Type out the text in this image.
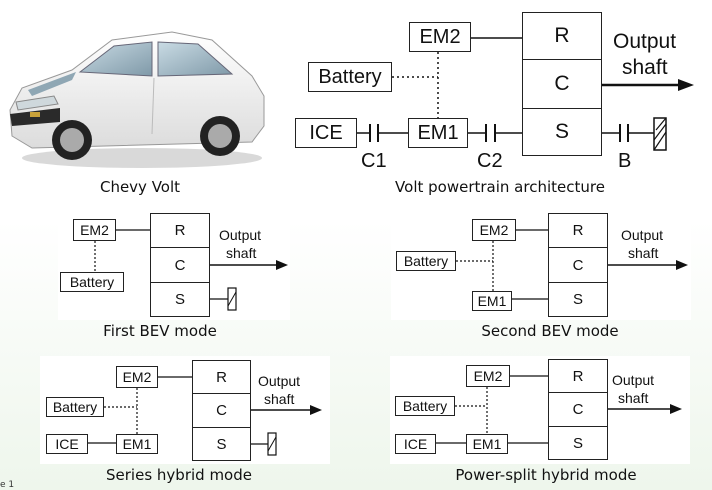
Chevy Volt
EM2
Battery
ICE	EM1
R
C
S
Output
shaft
C1	C2	B
Volt powertrain architecture
EM2
Battery
R
C
S
Output
shaft
First BEV mode
EM2
Battery
EM1
R
C
S
Output
shaft
Second BEV mode
EM2
Battery
ICE	EM1
R
C
S
Output
shaft
Series hybrid mode
EM2
Battery
ICE	EM1
R
C
S
Output
shaft
Power-split hybrid mode
e 1
